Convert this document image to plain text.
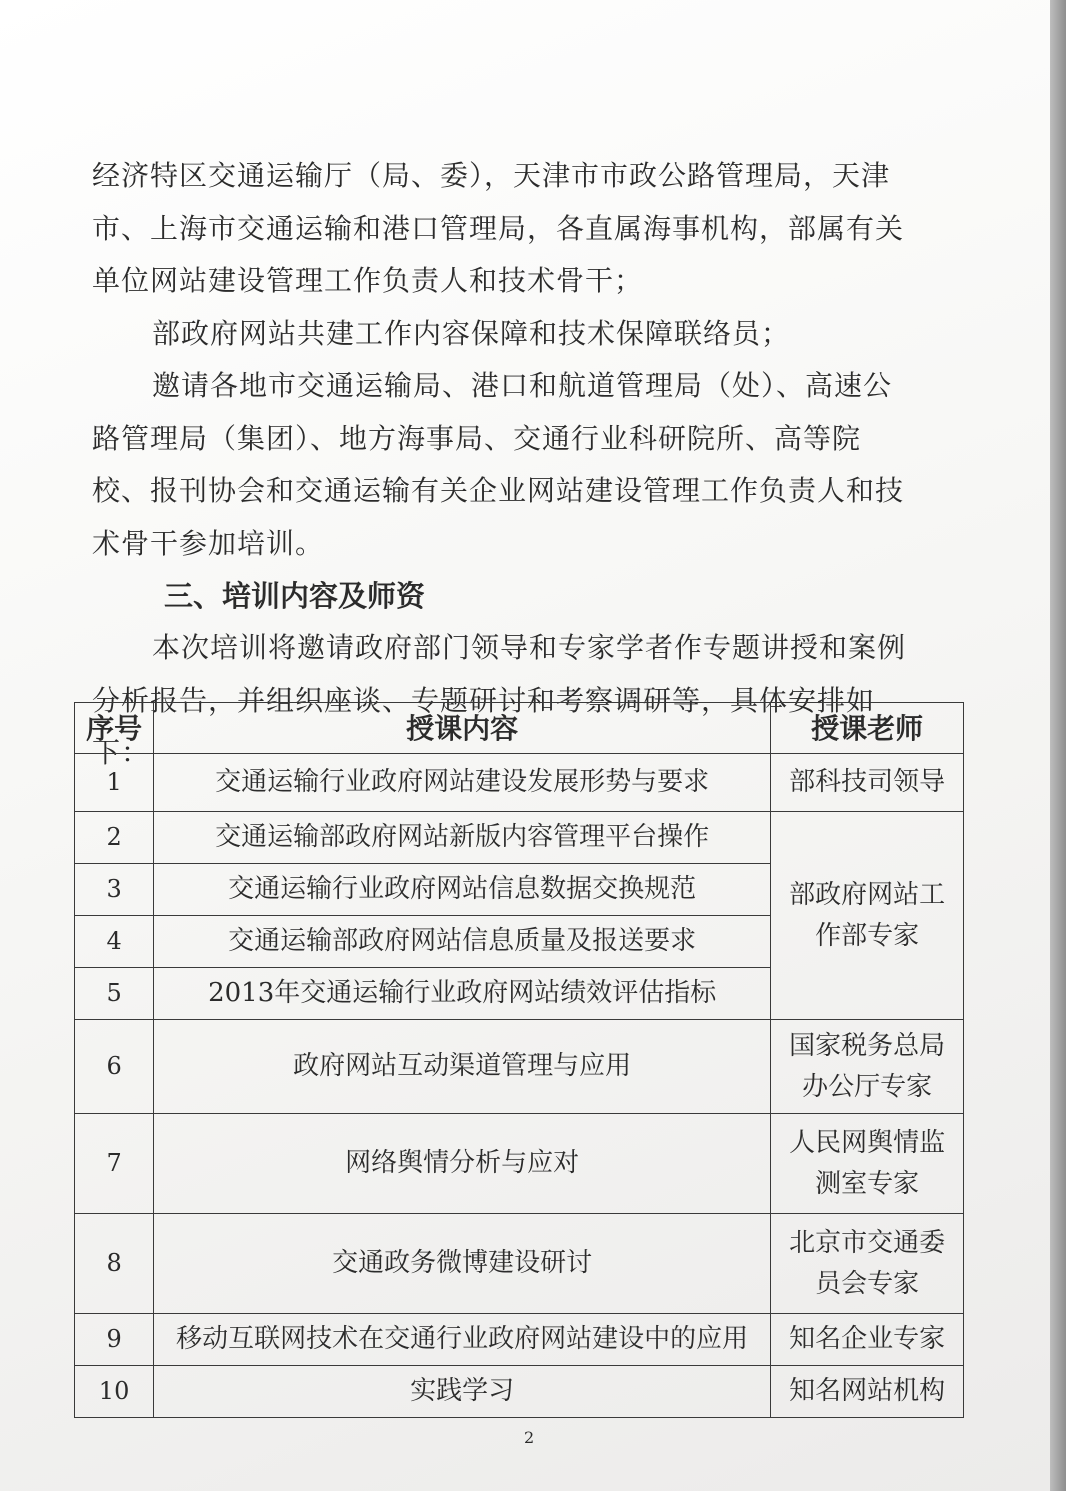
经济特区交通运输厅（局、委），天津市市政公路管理局，天津市、上海市交通运输和港口管理局，各直属海事机构，部属有关单位网站建设管理工作负责人和技术骨干；

部政府网站共建工作内容保障和技术保障联络员；

邀请各地市交通运输局、港口和航道管理局（处）、高速公路管理局（集团）、地方海事局、交通行业科研院所、高等院校、报刊协会和交通运输有关企业网站建设管理工作负责人和技术骨干参加培训。

三、培训内容及师资

本次培训将邀请政府部门领导和专家学者作专题讲授和案例分析报告，并组织座谈、专题研讨和考察调研等，具体安排如下：

序号	授课内容	授课老师
1	交通运输行业政府网站建设发展形势与要求	部科技司领导
2	交通运输部政府网站新版内容管理平台操作	部政府网站工作部专家
3	交通运输行业政府网站信息数据交换规范	
4	交通运输部政府网站信息质量及报送要求	
5	2013年交通运输行业政府网站绩效评估指标	
6	政府网站互动渠道管理与应用	国家税务总局办公厅专家
7	网络舆情分析与应对	人民网舆情监测室专家
8	交通政务微博建设研讨	北京市交通委员会专家
9	移动互联网技术在交通行业政府网站建设中的应用	知名企业专家
10	实践学习	知名网站机构
2
